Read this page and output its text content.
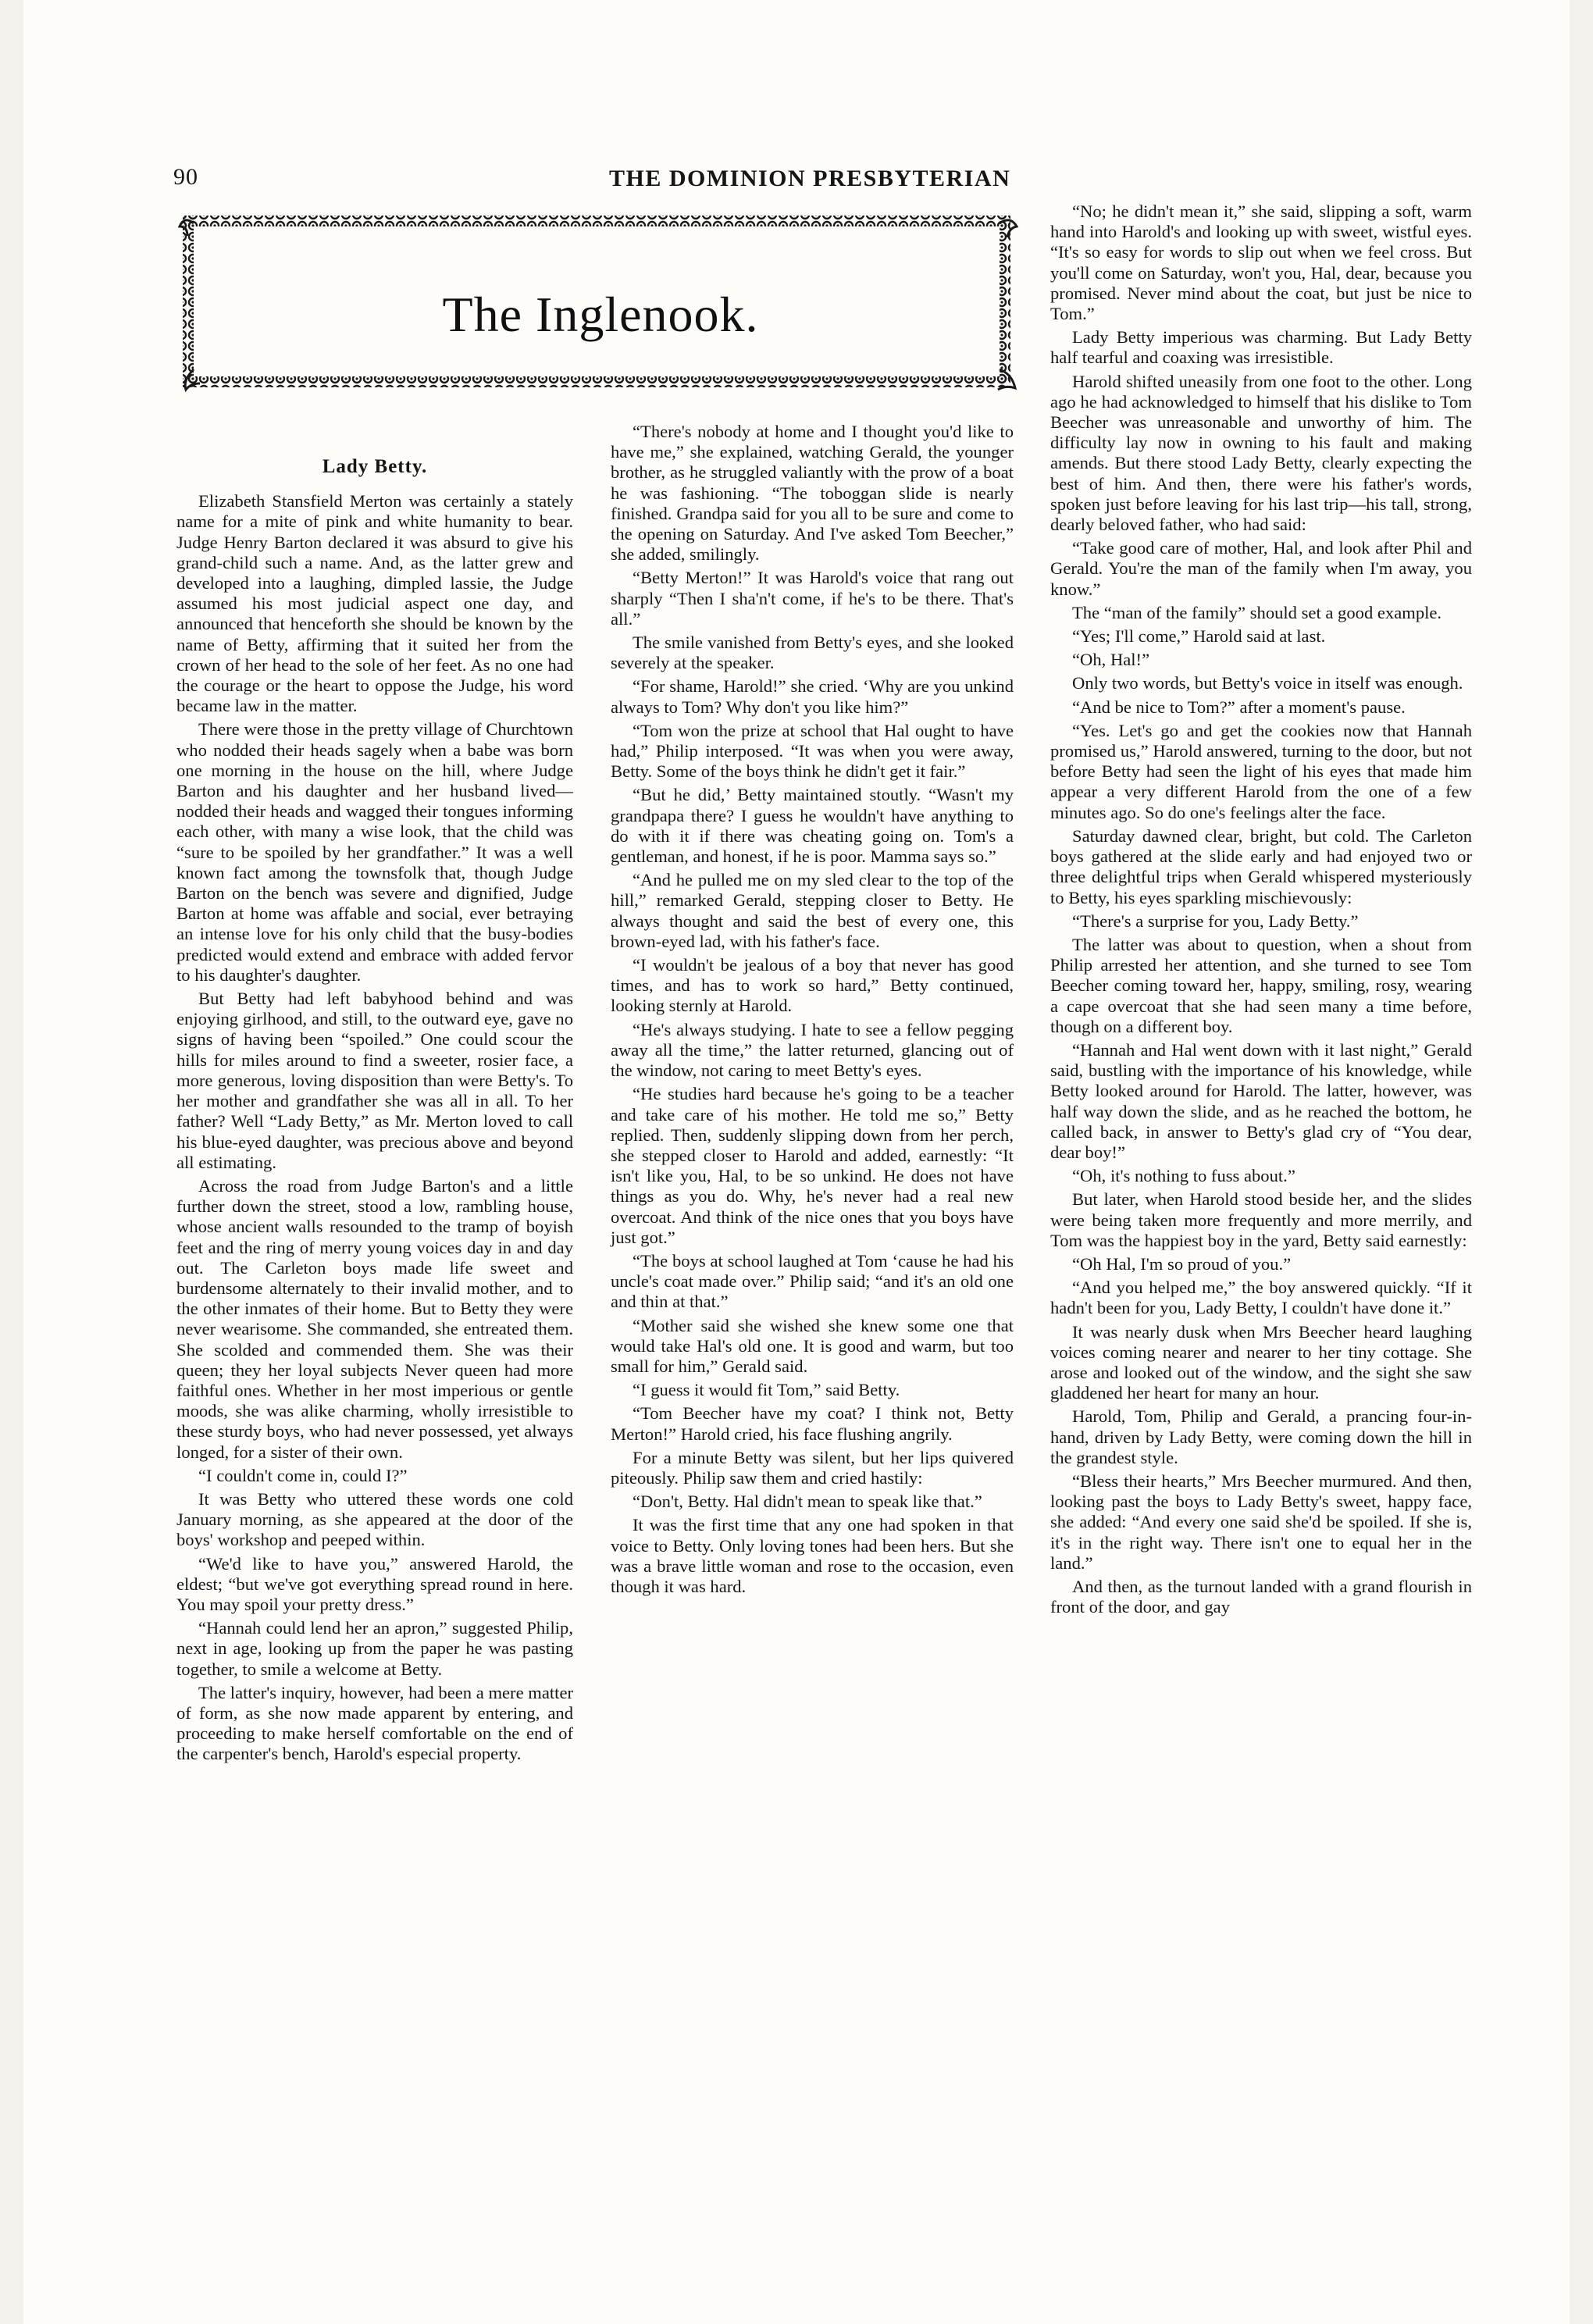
90	THE DOMINION PRESBYTERIAN
The Inglenook.
Lady Betty.

Elizabeth Stansfield Merton was certainly a stately name for a mite of pink and white humanity to bear. Judge Henry Barton declared it was absurd to give his grand-child such a name. And, as the latter grew and developed into a laughing, dimpled lassie, the Judge assumed his most judicial aspect one day, and announced that henceforth she should be known by the name of Betty, affirming that it suited her from the crown of her head to the sole of her feet. As no one had the courage or the heart to oppose the Judge, his word became law in the matter.

There were those in the pretty village of Churchtown who nodded their heads sagely when a babe was born one morning in the house on the hill, where Judge Barton and his daughter and her husband lived—nodded their heads and wagged their tongues informing each other, with many a wise look, that the child was “sure to be spoiled by her grandfather.” It was a well known fact among the townsfolk that, though Judge Barton on the bench was severe and dignified, Judge Barton at home was affable and social, ever betraying an intense love for his only child that the busy-bodies predicted would extend and embrace with added fervor to his daughter's daughter.

But Betty had left babyhood behind and was enjoying girlhood, and still, to the outward eye, gave no signs of having been “spoiled.” One could scour the hills for miles around to find a sweeter, rosier face, a more generous, loving disposition than were Betty's. To her mother and grandfather she was all in all. To her father? Well “Lady Betty,” as Mr. Merton loved to call his blue-eyed daughter, was precious above and beyond all estimating.

Across the road from Judge Barton's and a little further down the street, stood a low, rambling house, whose ancient walls resounded to the tramp of boyish feet and the ring of merry young voices day in and day out. The Carleton boys made life sweet and burdensome alternately to their invalid mother, and to the other inmates of their home. But to Betty they were never wearisome. She commanded, she entreated them. She scolded and commended them. She was their queen; they her loyal subjects Never queen had more faithful ones. Whether in her most imperious or gentle moods, she was alike charming, wholly irresistible to these sturdy boys, who had never possessed, yet always longed, for a sister of their own.

“I couldn't come in, could I?”

It was Betty who uttered these words one cold January morning, as she appeared at the door of the boys' workshop and peeped within.

“We'd like to have you,” answered Harold, the eldest; “but we've got everything spread round in here. You may spoil your pretty dress.”

“Hannah could lend her an apron,” suggested Philip, next in age, looking up from the paper he was pasting together, to smile a welcome at Betty.

The latter's inquiry, however, had been a mere matter of form, as she now made apparent by entering, and proceeding to make herself comfortable on the end of the carpenter's bench, Harold's especial property.

“There's nobody at home and I thought you'd like to have me,” she explained, watching Gerald, the younger brother, as he struggled valiantly with the prow of a boat he was fashioning. “The toboggan slide is nearly finished. Grandpa said for you all to be sure and come to the opening on Saturday. And I've asked Tom Beecher,” she added, smilingly.

“Betty Merton!” It was Harold's voice that rang out sharply “Then I sha'n't come, if he's to be there. That's all.”

The smile vanished from Betty's eyes, and she looked severely at the speaker.

“For shame, Harold!” she cried. ‘Why are you unkind always to Tom? Why don't you like him?”

“Tom won the prize at school that Hal ought to have had,” Philip interposed. “It was when you were away, Betty. Some of the boys think he didn't get it fair.”

“But he did,’ Betty maintained stoutly. “Wasn't my grandpapa there? I guess he wouldn't have anything to do with it if there was cheating going on. Tom's a gentleman, and honest, if he is poor. Mamma says so.”

“And he pulled me on my sled clear to the top of the hill,” remarked Gerald, stepping closer to Betty. He always thought and said the best of every one, this brown-eyed lad, with his father's face.

“I wouldn't be jealous of a boy that never has good times, and has to work so hard,” Betty continued, looking sternly at Harold.

“He's always studying. I hate to see a fellow pegging away all the time,” the latter returned, glancing out of the window, not caring to meet Betty's eyes.

“He studies hard because he's going to be a teacher and take care of his mother. He told me so,” Betty replied. Then, suddenly slipping down from her perch, she stepped closer to Harold and added, earnestly: “It isn't like you, Hal, to be so unkind. He does not have things as you do. Why, he's never had a real new overcoat. And think of the nice ones that you boys have just got.”

“The boys at school laughed at Tom ‘cause he had his uncle's coat made over.” Philip said; “and it's an old one and thin at that.”

“Mother said she wished she knew some one that would take Hal's old one. It is good and warm, but too small for him,” Gerald said.

“I guess it would fit Tom,” said Betty.

“Tom Beecher have my coat? I think not, Betty Merton!” Harold cried, his face flushing angrily.

For a minute Betty was silent, but her lips quivered piteously. Philip saw them and cried hastily:

“Don't, Betty. Hal didn't mean to speak like that.”

It was the first time that any one had spoken in that voice to Betty. Only loving tones had been hers. But she was a brave little woman and rose to the occasion, even though it was hard.

“No; he didn't mean it,” she said, slipping a soft, warm hand into Harold's and looking up with sweet, wistful eyes. “It's so easy for words to slip out when we feel cross. But you'll come on Saturday, won't you, Hal, dear, because you promised. Never mind about the coat, but just be nice to Tom.”

Lady Betty imperious was charming. But Lady Betty half tearful and coaxing was irresistible.

Harold shifted uneasily from one foot to the other. Long ago he had acknowledged to himself that his dislike to Tom Beecher was unreasonable and unworthy of him. The difficulty lay now in owning to his fault and making amends. But there stood Lady Betty, clearly expecting the best of him. And then, there were his father's words, spoken just before leaving for his last trip—his tall, strong, dearly beloved father, who had said:

“Take good care of mother, Hal, and look after Phil and Gerald. You're the man of the family when I'm away, you know.”

The “man of the family” should set a good example.

“Yes; I'll come,” Harold said at last.

“Oh, Hal!”

Only two words, but Betty's voice in itself was enough.

“And be nice to Tom?” after a moment's pause.

“Yes. Let's go and get the cookies now that Hannah promised us,” Harold answered, turning to the door, but not before Betty had seen the light of his eyes that made him appear a very different Harold from the one of a few minutes ago. So do one's feelings alter the face.

Saturday dawned clear, bright, but cold. The Carleton boys gathered at the slide early and had enjoyed two or three delightful trips when Gerald whispered mysteriously to Betty, his eyes sparkling mischievously:

“There's a surprise for you, Lady Betty.”

The latter was about to question, when a shout from Philip arrested her attention, and she turned to see Tom Beecher coming toward her, happy, smiling, rosy, wearing a cape overcoat that she had seen many a time before, though on a different boy.

“Hannah and Hal went down with it last night,” Gerald said, bustling with the importance of his knowledge, while Betty looked around for Harold. The latter, however, was half way down the slide, and as he reached the bottom, he called back, in answer to Betty's glad cry of “You dear, dear boy!”

“Oh, it's nothing to fuss about.”

But later, when Harold stood beside her, and the slides were being taken more frequently and more merrily, and Tom was the happiest boy in the yard, Betty said earnestly:

“Oh Hal, I'm so proud of you.”

“And you helped me,” the boy answered quickly. “If it hadn't been for you, Lady Betty, I couldn't have done it.”

It was nearly dusk when Mrs Beecher heard laughing voices coming nearer and nearer to her tiny cottage. She arose and looked out of the window, and the sight she saw gladdened her heart for many an hour.

Harold, Tom, Philip and Gerald, a prancing four-in-hand, driven by Lady Betty, were coming down the hill in the grandest style.

“Bless their hearts,” Mrs Beecher murmured. And then, looking past the boys to Lady Betty's sweet, happy face, she added: “And every one said she'd be spoiled. If she is, it's in the right way. There isn't one to equal her in the land.”

And then, as the turnout landed with a grand flourish in front of the door, and gay
